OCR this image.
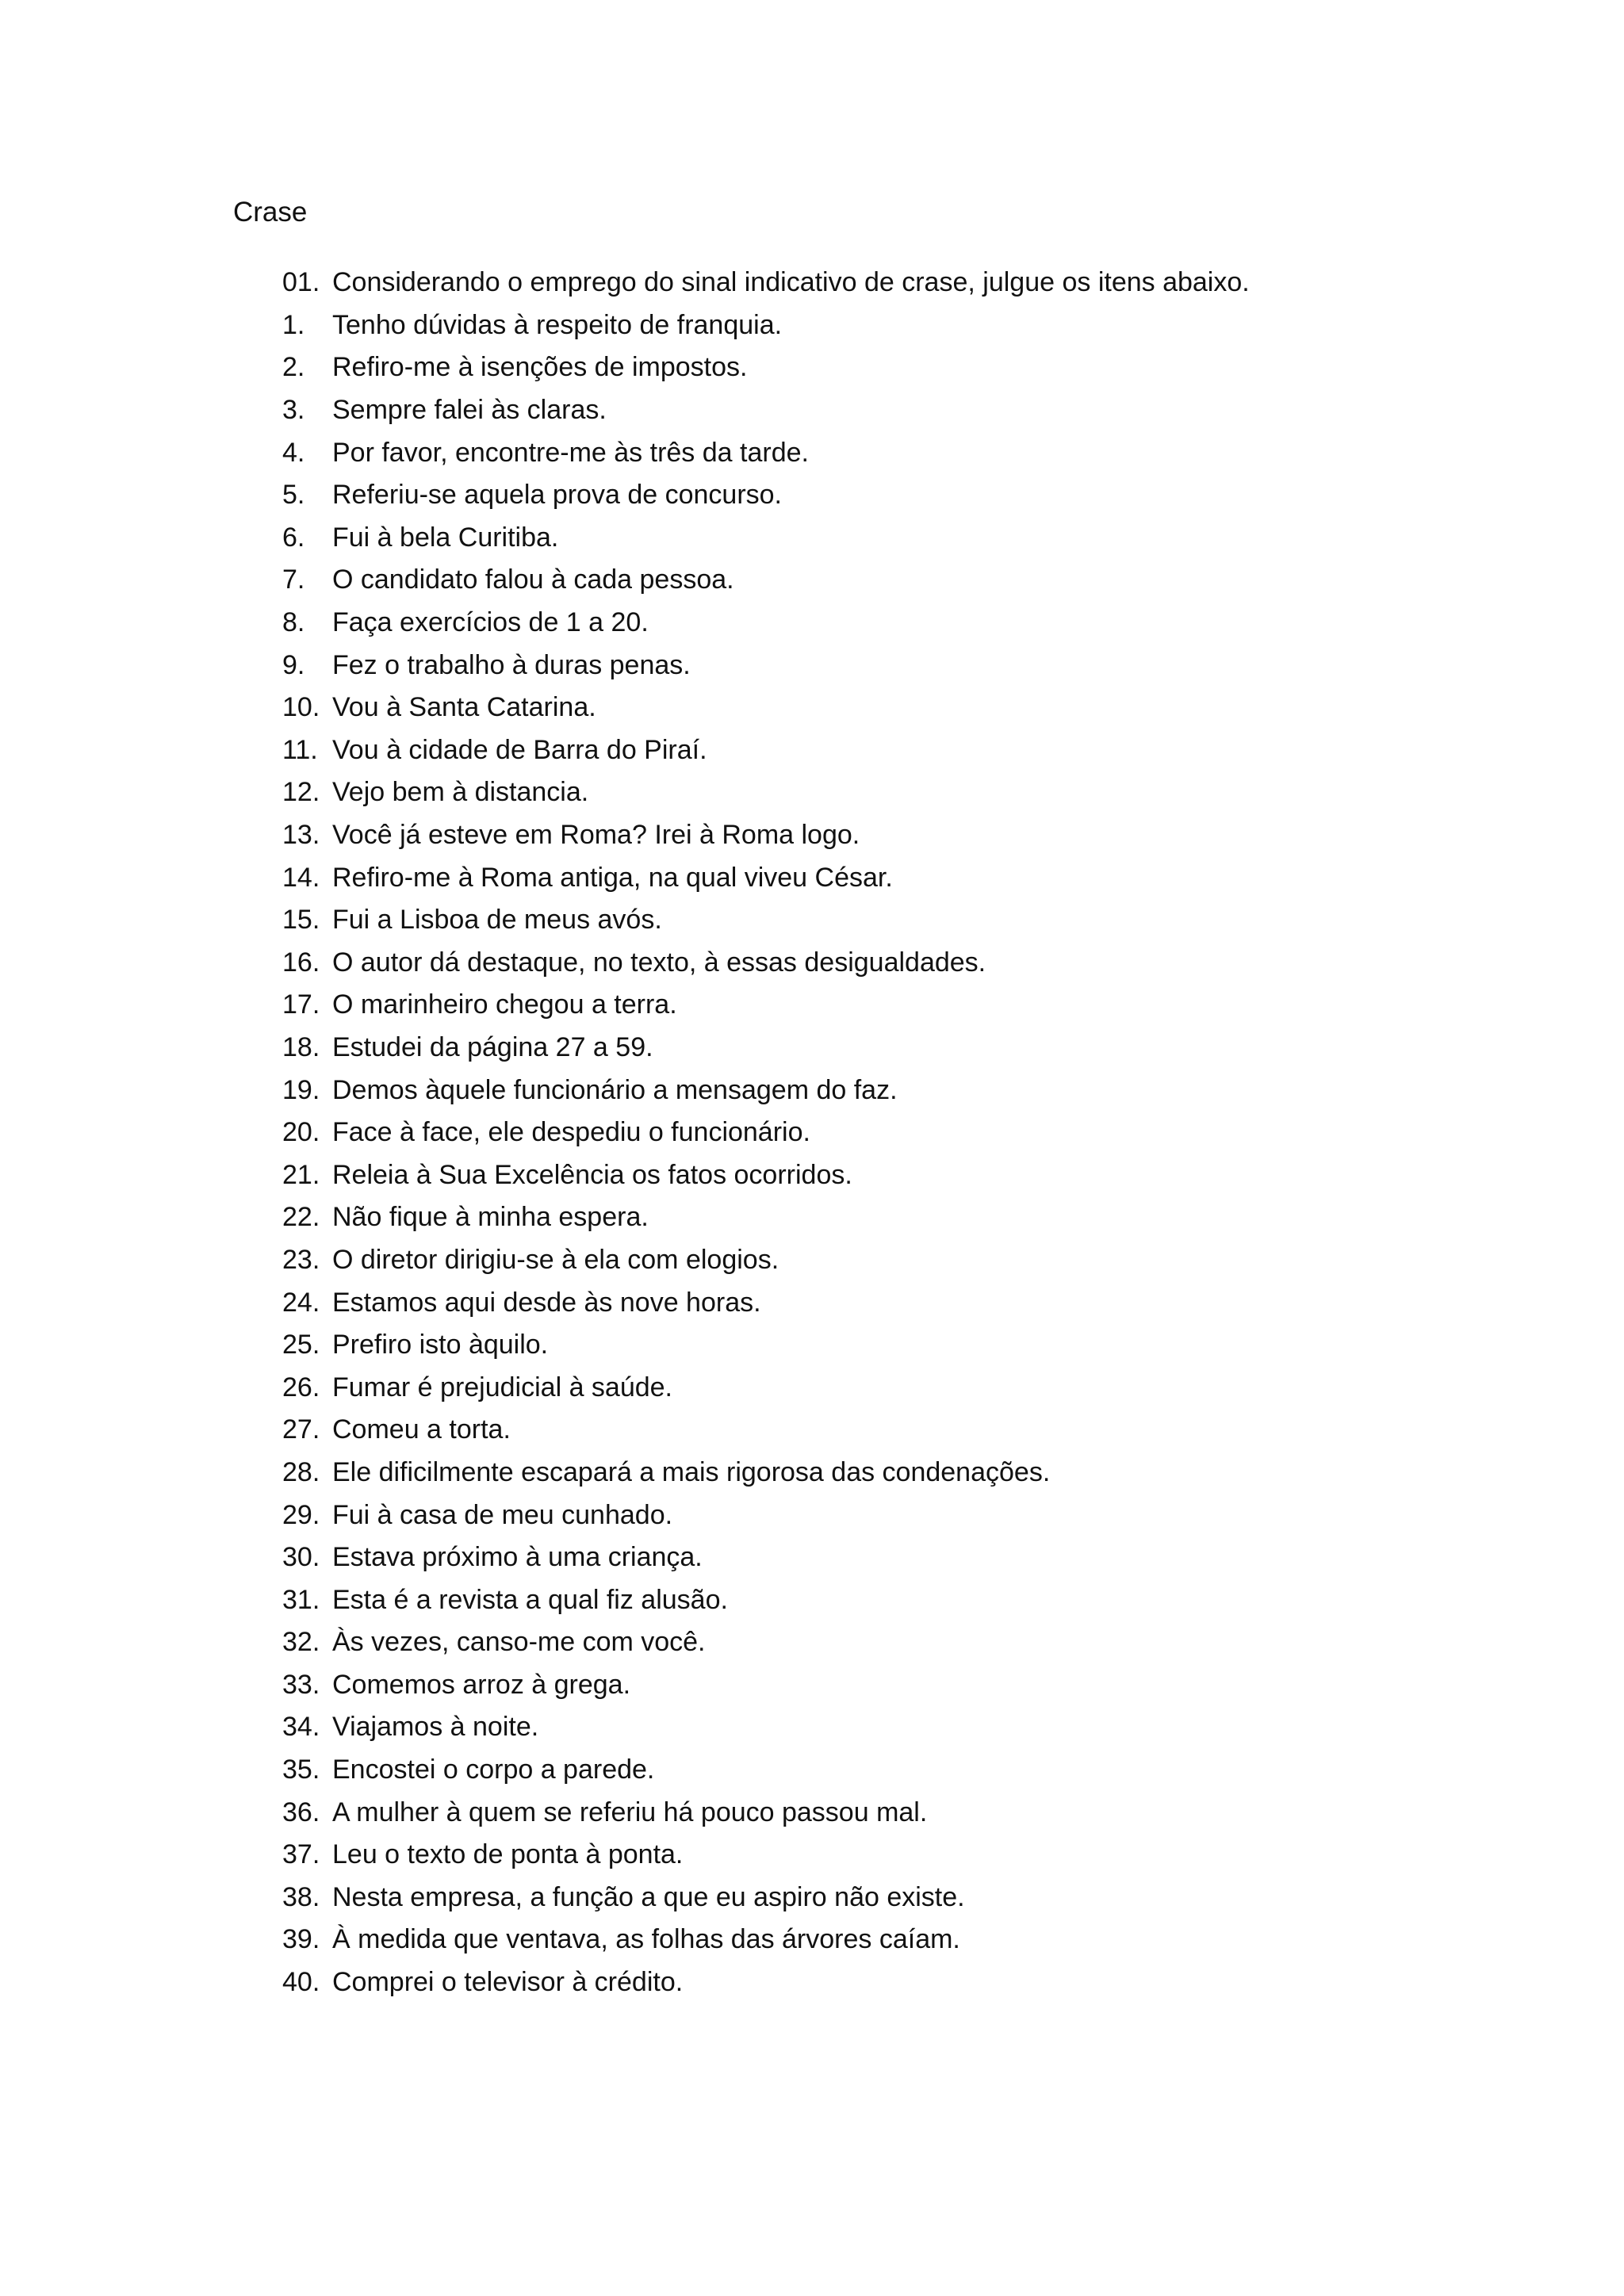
Crase
01. Considerando o emprego do sinal indicativo de crase, julgue os itens abaixo.
1.	Tenho dúvidas à respeito de franquia.
2.	Refiro-me à isenções de impostos.
3.	Sempre falei às claras.
4.	Por favor, encontre-me às três da tarde.
5.	Referiu-se aquela prova de concurso.
6.	Fui à bela Curitiba.
7.	O candidato falou à cada pessoa.
8.	Faça exercícios de 1 a 20.
9.	Fez o trabalho à duras penas.
10. Vou à Santa Catarina.
11. Vou à cidade de Barra do Piraí.
12. Vejo bem à distancia.
13. Você já esteve em Roma? Irei à Roma logo.
14. Refiro-me à Roma antiga, na qual viveu César.
15. Fui a Lisboa de meus avós.
16. O autor dá destaque, no texto, à essas desigualdades.
17. O marinheiro chegou a terra.
18. Estudei da página 27 a 59.
19. Demos àquele funcionário a mensagem do faz.
20. Face à face, ele despediu o funcionário.
21. Releia à Sua Excelência os fatos ocorridos.
22. Não fique à minha espera.
23. O diretor dirigiu-se à ela com elogios.
24. Estamos aqui desde às nove horas.
25. Prefiro isto àquilo.
26. Fumar é prejudicial à saúde.
27. Comeu a torta.
28. Ele dificilmente escapará a mais rigorosa das condenações.
29. Fui à casa de meu cunhado.
30. Estava próximo à uma criança.
31. Esta é a revista a qual fiz alusão.
32. Às vezes, canso-me com você.
33. Comemos arroz à grega.
34. Viajamos à noite.
35. Encostei o corpo a parede.
36. A mulher à quem se referiu há pouco passou mal.
37. Leu o texto de ponta à ponta.
38. Nesta empresa, a função a que eu aspiro não existe.
39. À medida que ventava, as folhas das árvores caíam.
40. Comprei o televisor à crédito.
